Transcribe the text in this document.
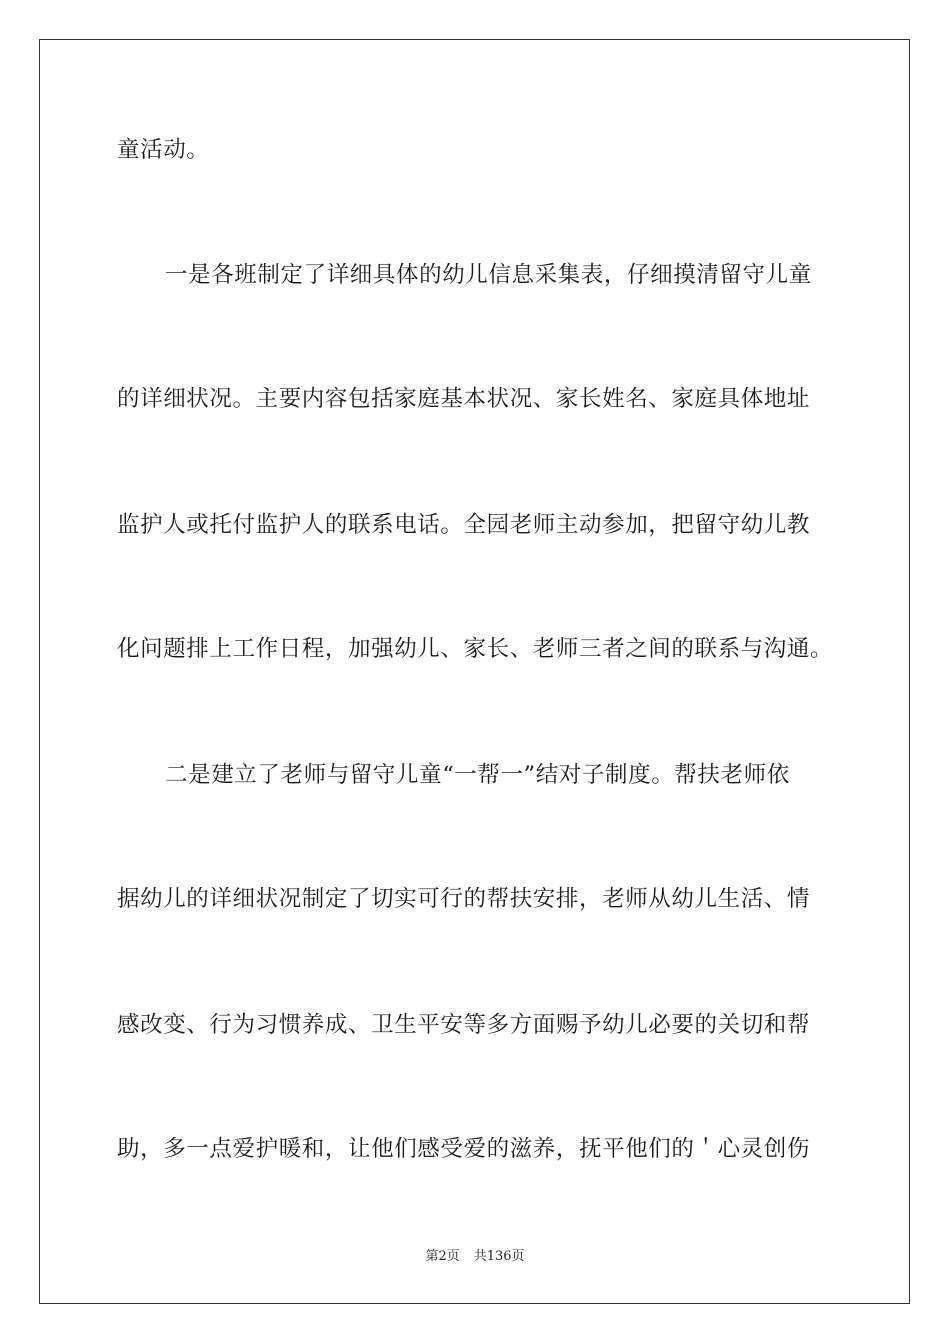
童活动。
一是各班制定了详细具体的幼儿信息采集表，仔细摸清留守儿童
的详细状况。主要内容包括家庭基本状况、家长姓名、家庭具体地址
监护人或托付监护人的联系电话。全园老师主动参加，把留守幼儿教
化问题排上工作日程，加强幼儿、家长、老师三者之间的联系与沟通。
二是建立了老师与留守儿童“一帮一”结对子制度。帮扶老师依
据幼儿的详细状况制定了切实可行的帮扶安排，老师从幼儿生活、情
感改变、行为习惯养成、卫生平安等多方面赐予幼儿必要的关切和帮
助，多一点爱护暖和，让他们感受爱的滋养，抚平他们的＇心灵创伤
第2页 共136页
